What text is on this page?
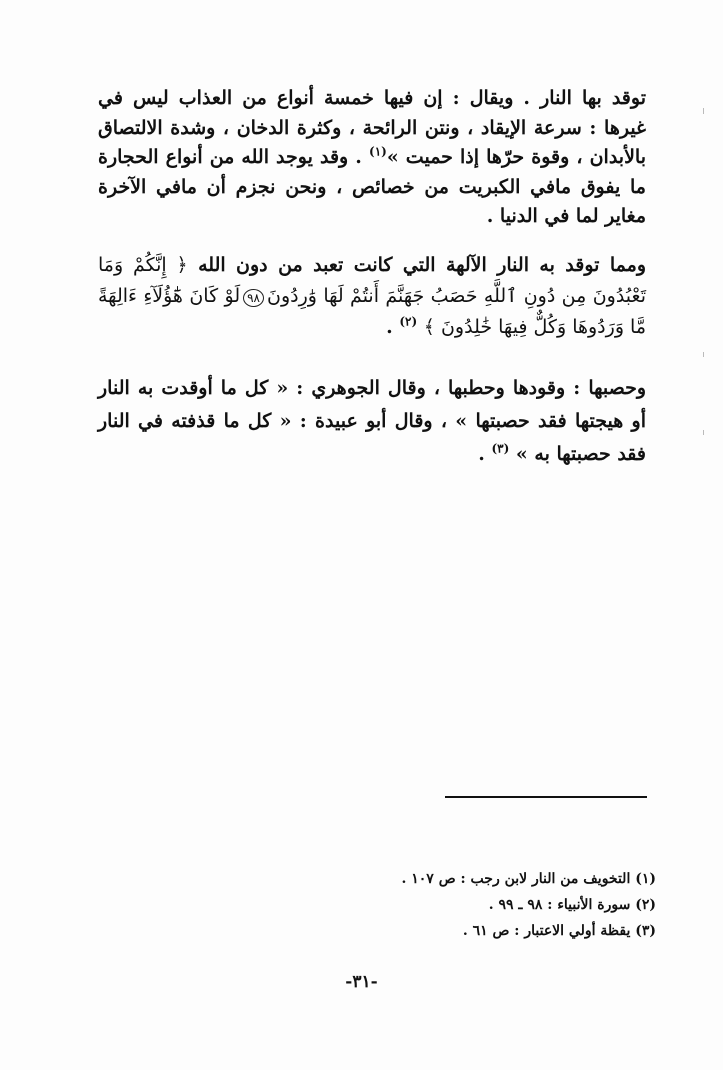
توقد بها النار . ويقال : إن فيها خمسة أنواع من العذاب ليس في غيرها : سرعة الإيقاد ، ونتن الرائحة ، وكثرة الدخان ، وشدة الالتصاق بالأبدان ، وقوة حرّها إذا حميت »$^{(١)}$ . وقد يوجد الله من أنواع الحجارة ما يفوق مافي الكبريت من خصائص ، ونحن نجزم أن مافي الآخرة مغاير لما في الدنيا .
ومما توقد به النار الآلهة التي كانت تعبد من دون الله ﴿ إِنَّكُمْ وَمَا تَعْبُدُونَ مِن دُونِ ٱللَّهِ حَصَبُ جَهَنَّمَ أَنتُمْ لَهَا وَٰرِدُونَ٩٨لَوْ كَانَ هَٰٓؤُلَآءِ ءَالِهَةً مَّا وَرَدُوهَا وَكُلٌّ فِيهَا خَٰلِدُونَ ﴾ $^{(٢)}$ .
وحصبها : وقودها وحطبها ، وقال الجوهري : « كل ما أوقدت به النار أو هيجتها فقد حصبتها » ، وقال أبو عبيدة : « كل ما قذفته في النار فقد حصبتها به » $^{(٣)}$ .
(١) التخويف من النار لابن رجب : ص ١٠٧ .
(٢) سورة الأنبياء : ٩٨ ـ ٩٩ .
(٣) يقظة أولي الاعتبار : ص ٦١ .
-٣١-
